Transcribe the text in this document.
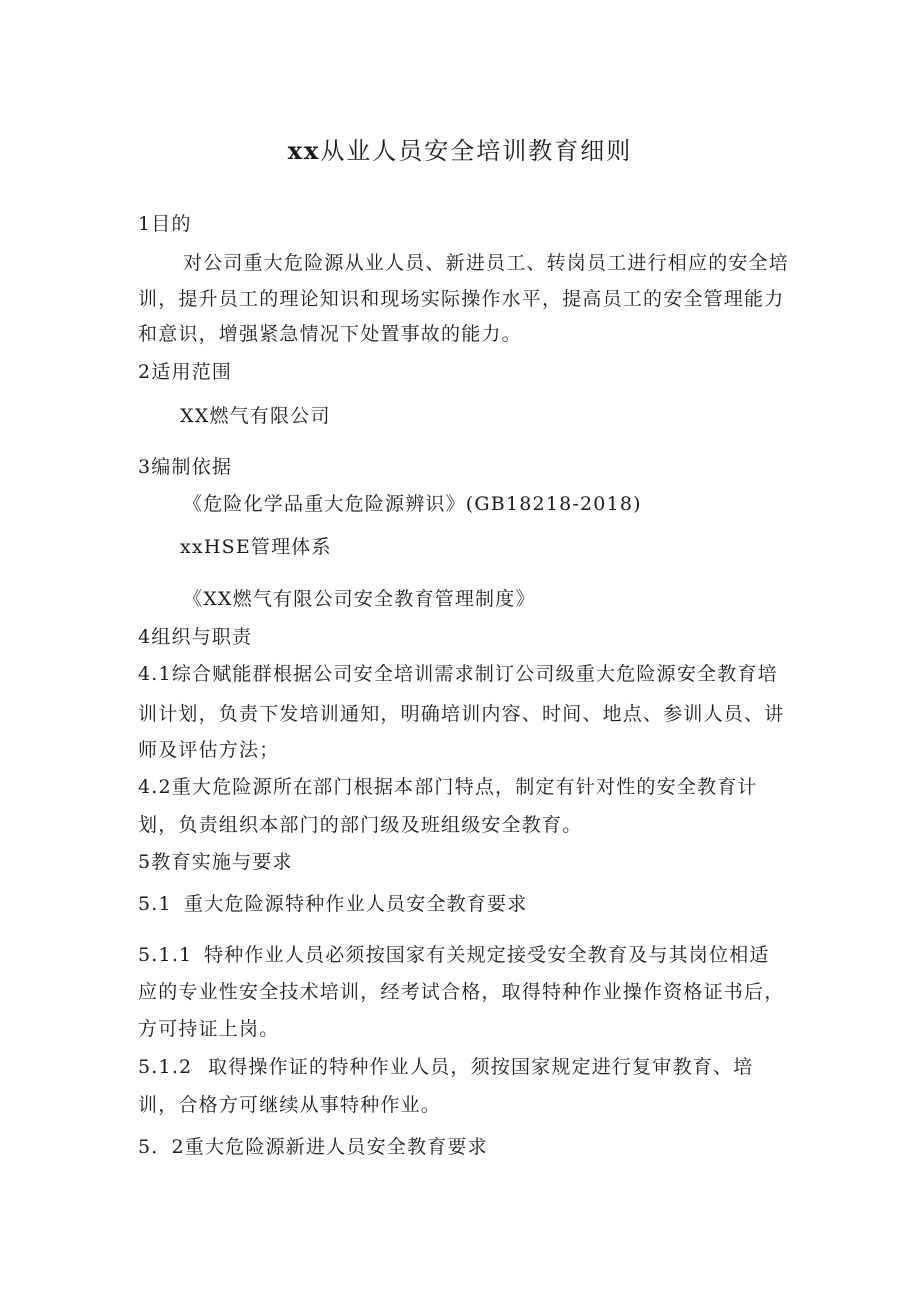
xx从业人员安全培训教育细则
1目的
对公司重大危险源从业人员、新进员工、转岗员工进行相应的安全培
训，提升员工的理论知识和现场实际操作水平，提高员工的安全管理能力
和意识，增强紧急情况下处置事故的能力。
2适用范围
XX燃气有限公司
3编制依据
《危险化学品重大危险源辨识》(GB18218-2018)
xxHSE管理体系
《XX燃气有限公司安全教育管理制度》
4组织与职责
4.1综合赋能群根据公司安全培训需求制订公司级重大危险源安全教育培
训计划，负责下发培训通知，明确培训内容、时间、地点、参训人员、讲
师及评估方法；
4.2重大危险源所在部门根据本部门特点，制定有针对性的安全教育计
划，负责组织本部门的部门级及班组级安全教育。
5教育实施与要求
5.1 重大危险源特种作业人员安全教育要求
5.1.1 特种作业人员必须按国家有关规定接受安全教育及与其岗位相适
应的专业性安全技术培训，经考试合格，取得特种作业操作资格证书后，
方可持证上岗。
5.1.2 取得操作证的特种作业人员，须按国家规定进行复审教育、培
训，合格方可继续从事特种作业。
5．2重大危险源新进人员安全教育要求
